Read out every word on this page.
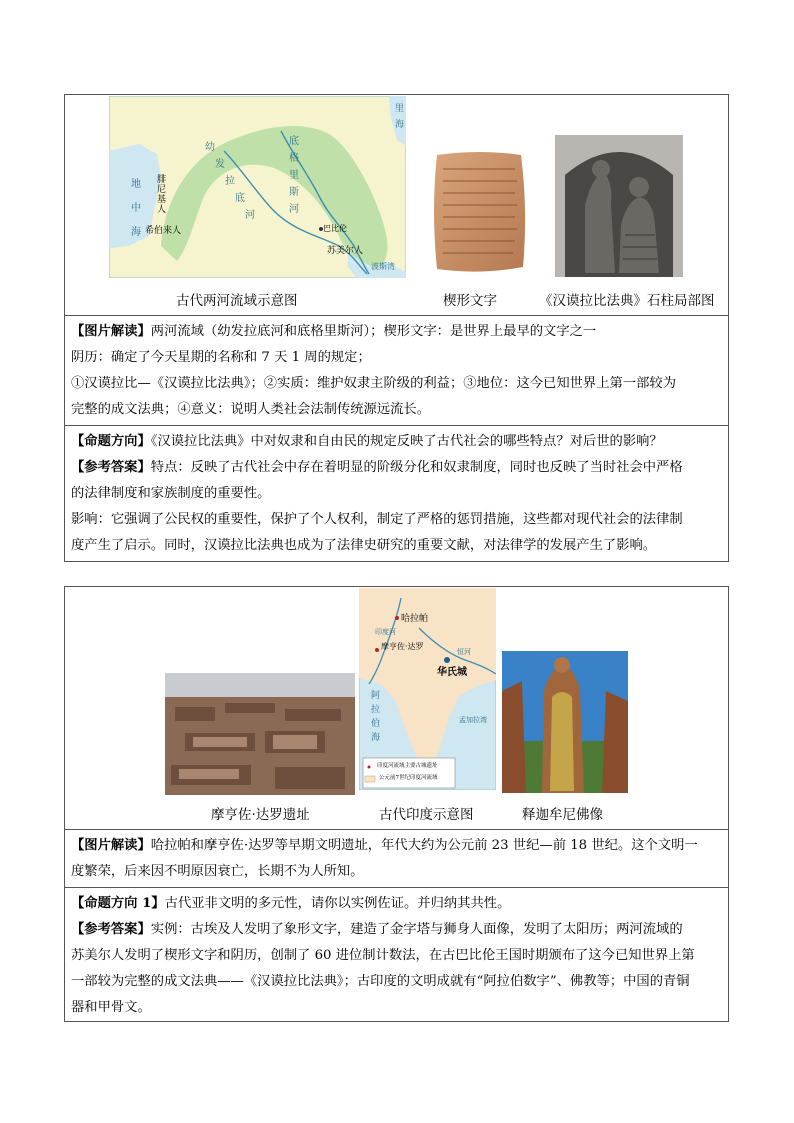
地
中
海
腓
尼
基
人
希伯来人
幼
发
拉
底
河
底
格
里
斯
河
巴比伦
苏美尔人
里
海
波斯湾
古代两河流域示意图	楔形文字	《汉谟拉比法典》石柱局部图
【图片解读】两河流域（幼发拉底河和底格里斯河）；楔形文字：是世界上最早的文字之一
阴历：确定了今天星期的名称和 7 天 1 周的规定；
①汉谟拉比—《汉谟拉比法典》；②实质：维护奴隶主阶级的利益；③地位：这今已知世界上第一部较为
完整的成文法典；④意义：说明人类社会法制传统源远流长。
【命题方向】《汉谟拉比法典》中对奴隶和自由民的规定反映了古代社会的哪些特点？对后世的影响？
【参考答案】特点：反映了古代社会中存在着明显的阶级分化和奴隶制度，同时也反映了当时社会中严格
的法律制度和家族制度的重要性。
影响：它强调了公民权的重要性，保护了个人权利，制定了严格的惩罚措施，这些都对现代社会的法律制
度产生了启示。同时，汉谟拉比法典也成为了法律史研究的重要文献，对法律学的发展产生了影响。
哈拉帕
摩亨佐·达罗
华氏城
恒河
印度河
阿
拉
伯
海
孟加拉湾
印度河流域主要古城遗址
公元前7世纪印度河流域
摩亨佐·达罗遗址	古代印度示意图	释迦牟尼佛像
【图片解读】哈拉帕和摩亨佐·达罗等早期文明遗址，年代大约为公元前 23 世纪—前 18 世纪。这个文明一
度繁荣，后来因不明原因衰亡，长期不为人所知。
【命题方向 1】古代亚非文明的多元性，请你以实例佐证。并归纳其共性。
【参考答案】实例：古埃及人发明了象形文字，建造了金字塔与狮身人面像，发明了太阳历；两河流域的
苏美尔人发明了楔形文字和阴历，创制了 60 进位制计数法，在古巴比伦王国时期颁布了这今已知世界上第
一部较为完整的成文法典——《汉谟拉比法典》；古印度的文明成就有“阿拉伯数字”、佛教等；中国的青铜
器和甲骨文。
